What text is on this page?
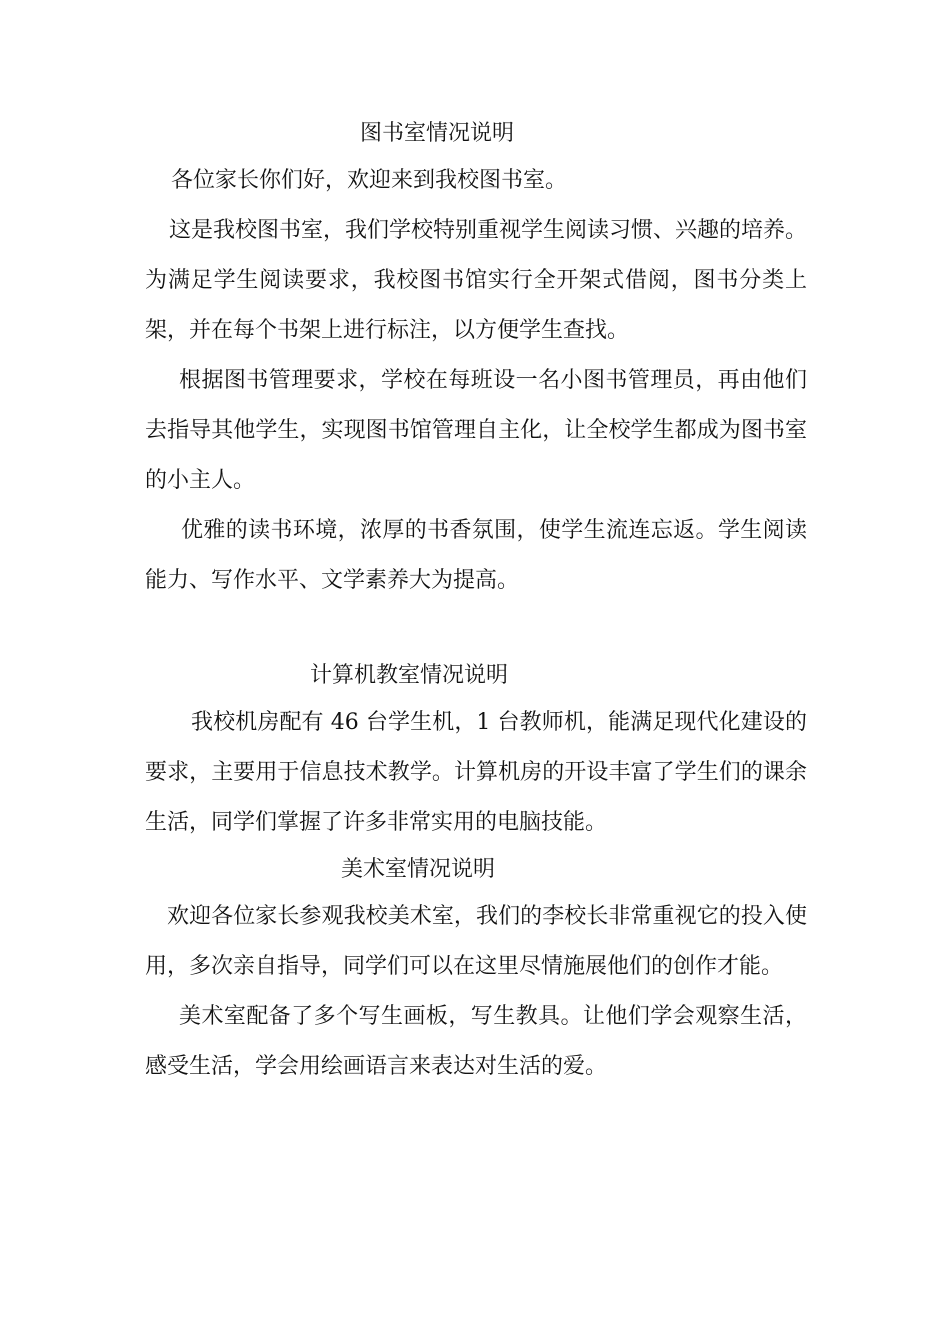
图书室情况说明

各位家长你们好，欢迎来到我校图书室。

这是我校图书室，我们学校特别重视学生阅读习惯、兴趣的培养。 为满足学生阅读要求，我校图书馆实行全开架式借阅，图书分类上架，并在每个书架上进行标注，以方便学生查找。

根据图书管理要求，学校在每班设一名小图书管理员，再由他们去指导其他学生，实现图书馆管理自主化，让全校学生都成为图书室的小主人。

优雅的读书环境，浓厚的书香氛围，使学生流连忘返。学生阅读能力、写作水平、文学素养大为提高。

计算机教室情况说明

我校机房配有 46 台学生机，1 台教师机，能满足现代化建设的要求，主要用于信息技术教学。计算机房的开设丰富了学生们的课余生活，同学们掌握了许多非常实用的电脑技能。

美术室情况说明

欢迎各位家长参观我校美术室，我们的李校长非常重视它的投入使用，多次亲自指导，同学们可以在这里尽情施展他们的创作才能。

美术室配备了多个写生画板，写生教具。让他们学会观察生活，感受生活，学会用绘画语言来表达对生活的爱。
